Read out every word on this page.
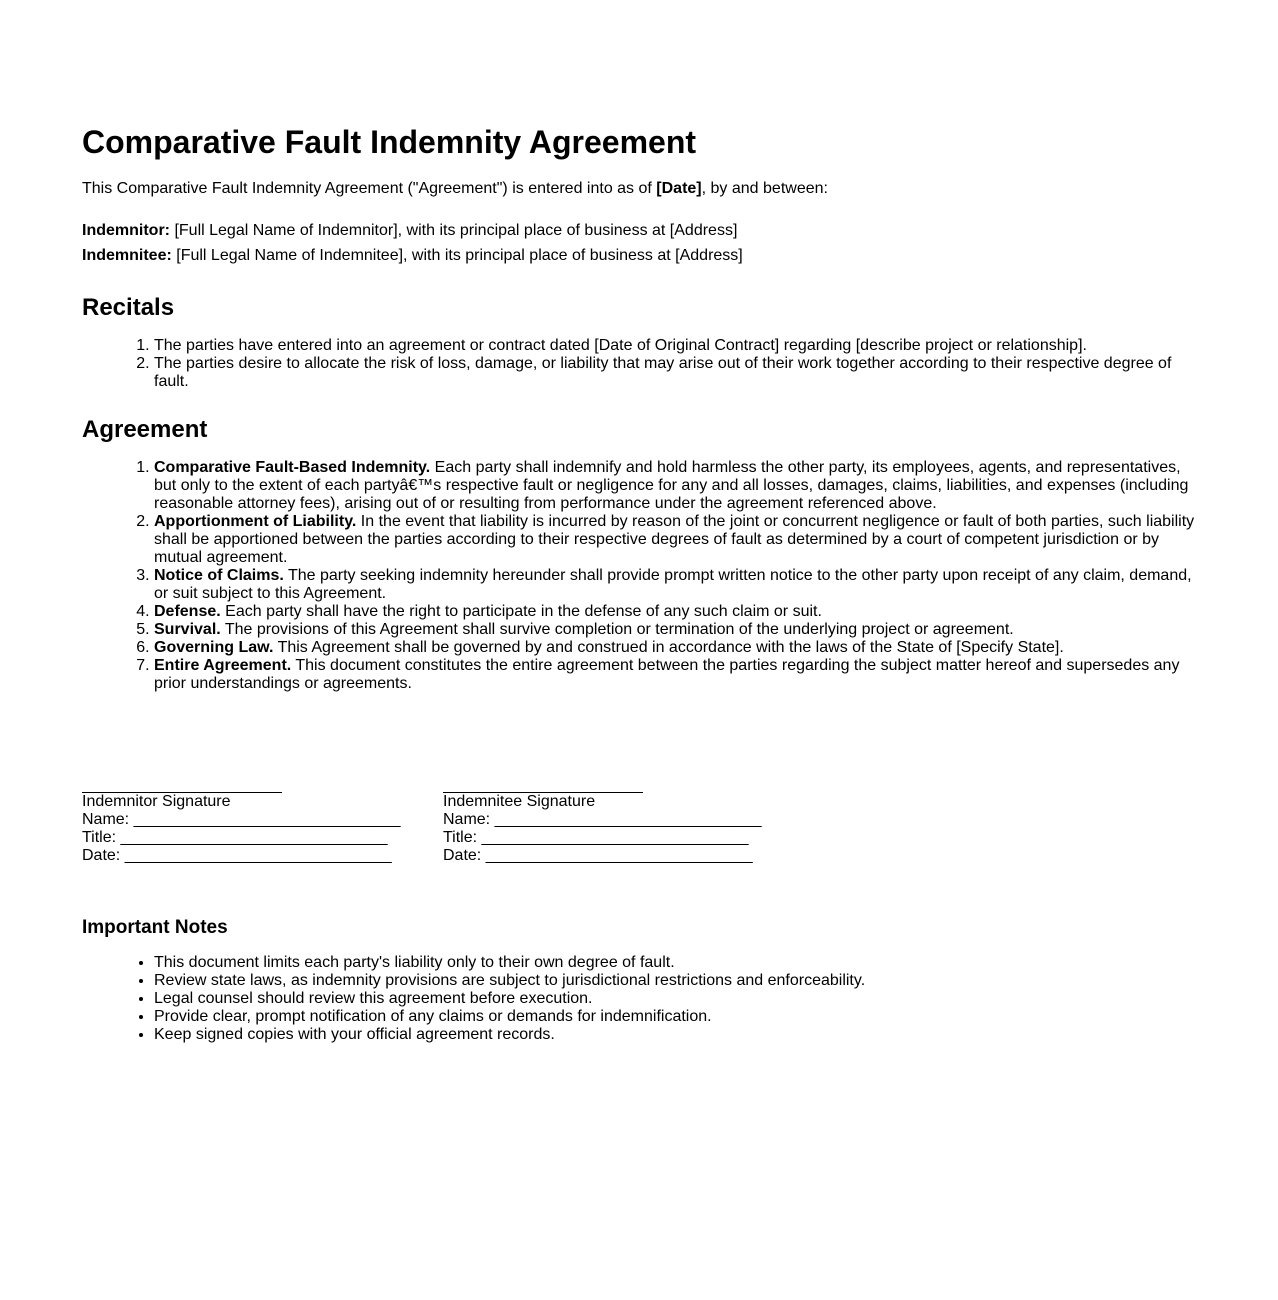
Comparative Fault Indemnity Agreement

This Comparative Fault Indemnity Agreement ("Agreement") is entered into as of [Date], by and between:

Indemnitor: [Full Legal Name of Indemnitor], with its principal place of business at [Address]

Indemnitee: [Full Legal Name of Indemnitee], with its principal place of business at [Address]

Recitals
1. The parties have entered into an agreement or contract dated [Date of Original Contract] regarding [describe project or relationship].
2. The parties desire to allocate the risk of loss, damage, or liability that may arise out of their work together according to their respective degree of fault.
Agreement
1. Comparative Fault-Based Indemnity. Each party shall indemnify and hold harmless the other party, its employees, agents, and representatives, but only to the extent of each partyâ€™s respective fault or negligence for any and all losses, damages, claims, liabilities, and expenses (including reasonable attorney fees), arising out of or resulting from performance under the agreement referenced above.
2. Apportionment of Liability. In the event that liability is incurred by reason of the joint or concurrent negligence or fault of both parties, such liability shall be apportioned between the parties according to their respective degrees of fault as determined by a court of competent jurisdiction or by mutual agreement.
3. Notice of Claims. The party seeking indemnity hereunder shall provide prompt written notice to the other party upon receipt of any claim, demand, or suit subject to this Agreement.
4. Defense. Each party shall have the right to participate in the defense of any such claim or suit.
5. Survival. The provisions of this Agreement shall survive completion or termination of the underlying project or agreement.
6. Governing Law. This Agreement shall be governed by and construed in accordance with the laws of the State of [Specify State].
7. Entire Agreement. This document constitutes the entire agreement between the parties regarding the subject matter hereof and supersedes any prior understandings or agreements.
Indemnitor Signature
Name: ______________________________
Title: ______________________________
Date: ______________________________
Indemnitee Signature
Name: ______________________________
Title: ______________________________
Date: ______________________________
Important Notes
• This document limits each party's liability only to their own degree of fault.
• Review state laws, as indemnity provisions are subject to jurisdictional restrictions and enforceability.
• Legal counsel should review this agreement before execution.
• Provide clear, prompt notification of any claims or demands for indemnification.
• Keep signed copies with your official agreement records.
